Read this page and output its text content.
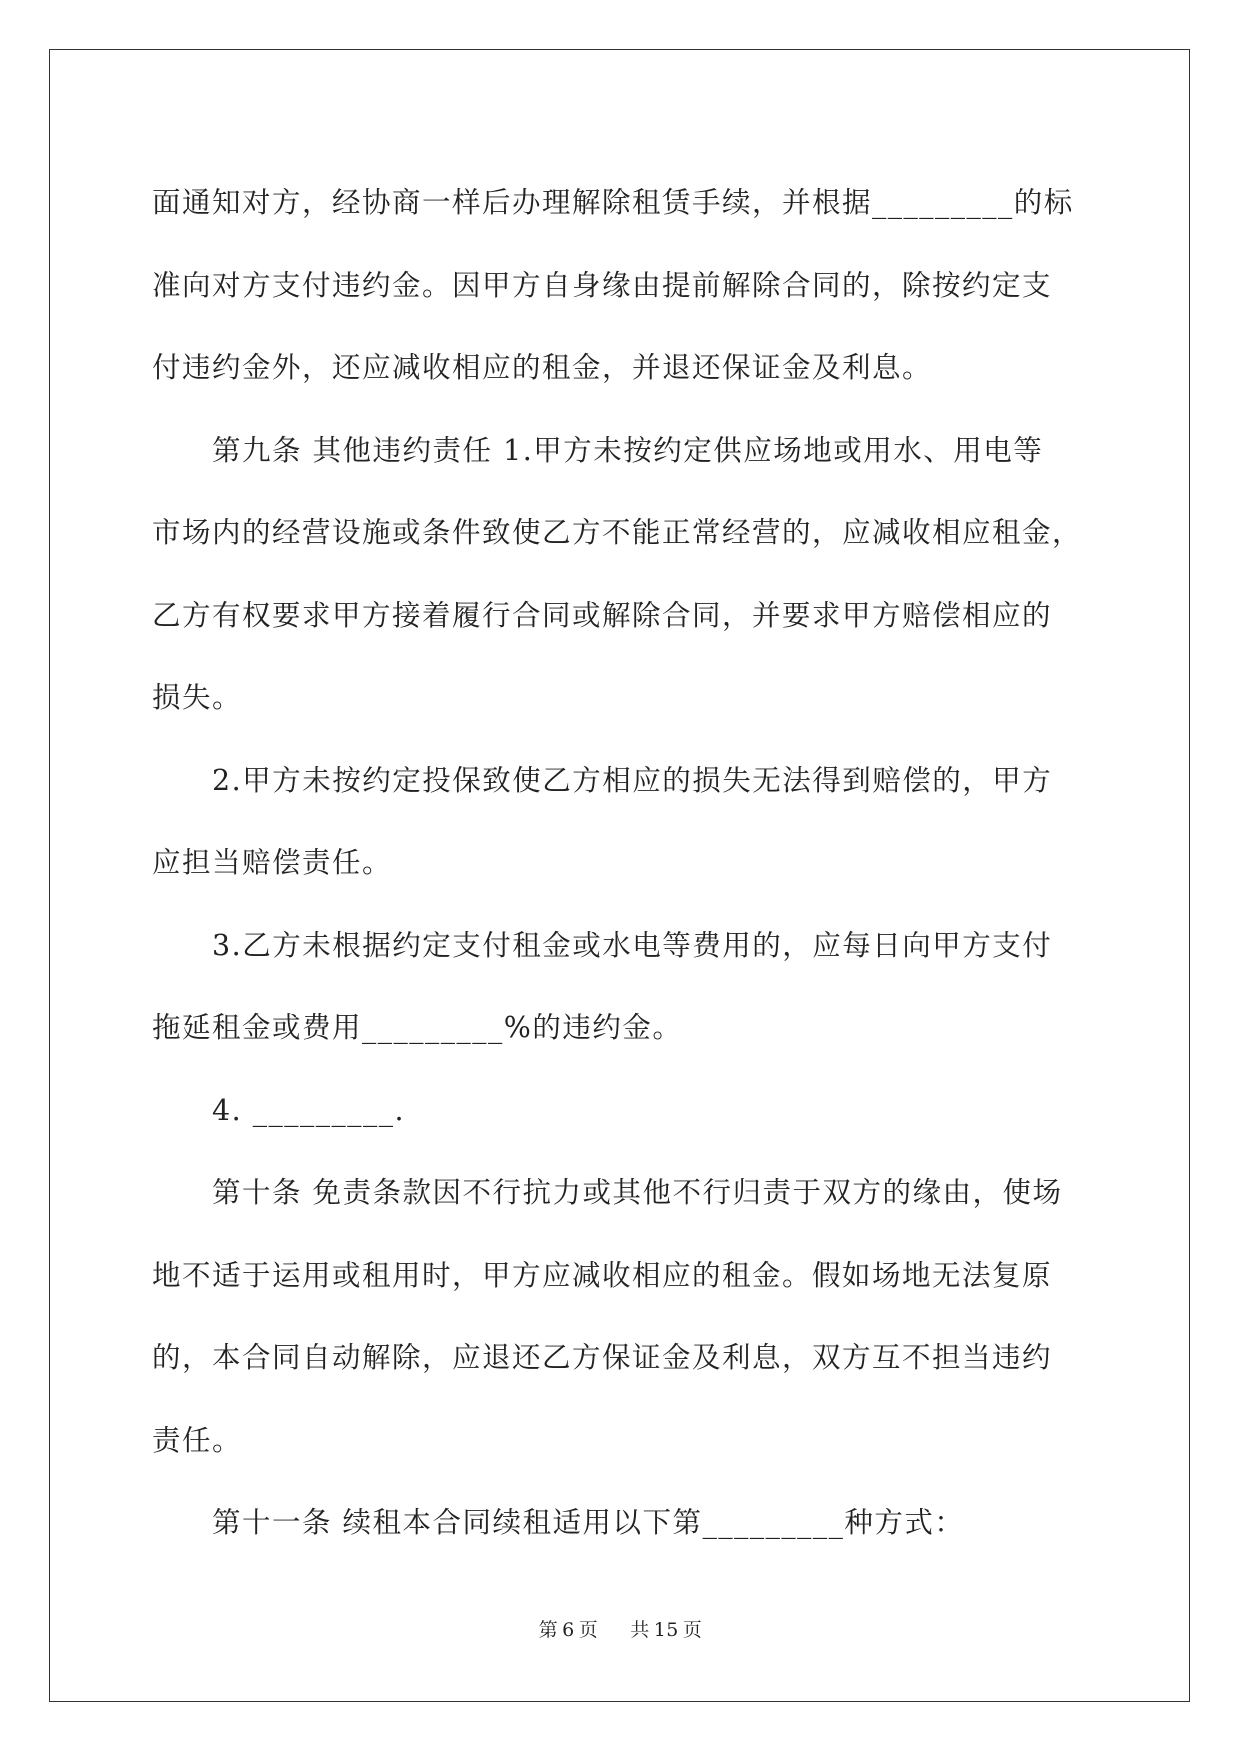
面通知对方，经协商一样后办理解除租赁手续，并根据_________的标
准向对方支付违约金。因甲方自身缘由提前解除合同的，除按约定支
付违约金外，还应减收相应的租金，并退还保证金及利息。
第九条 其他违约责任 1.甲方未按约定供应场地或用水、用电等
市场内的经营设施或条件致使乙方不能正常经营的，应减收相应租金，
乙方有权要求甲方接着履行合同或解除合同，并要求甲方赔偿相应的
损失。
2.甲方未按约定投保致使乙方相应的损失无法得到赔偿的，甲方
应担当赔偿责任。
3.乙方未根据约定支付租金或水电等费用的，应每日向甲方支付
拖延租金或费用_________%的违约金。
4. _________.
第十条 免责条款因不行抗力或其他不行归责于双方的缘由，使场
地不适于运用或租用时，甲方应减收相应的租金。假如场地无法复原
的，本合同自动解除，应退还乙方保证金及利息，双方互不担当违约
责任。
第十一条 续租本合同续租适用以下第_________种方式：
第 6 页 共 15 页
